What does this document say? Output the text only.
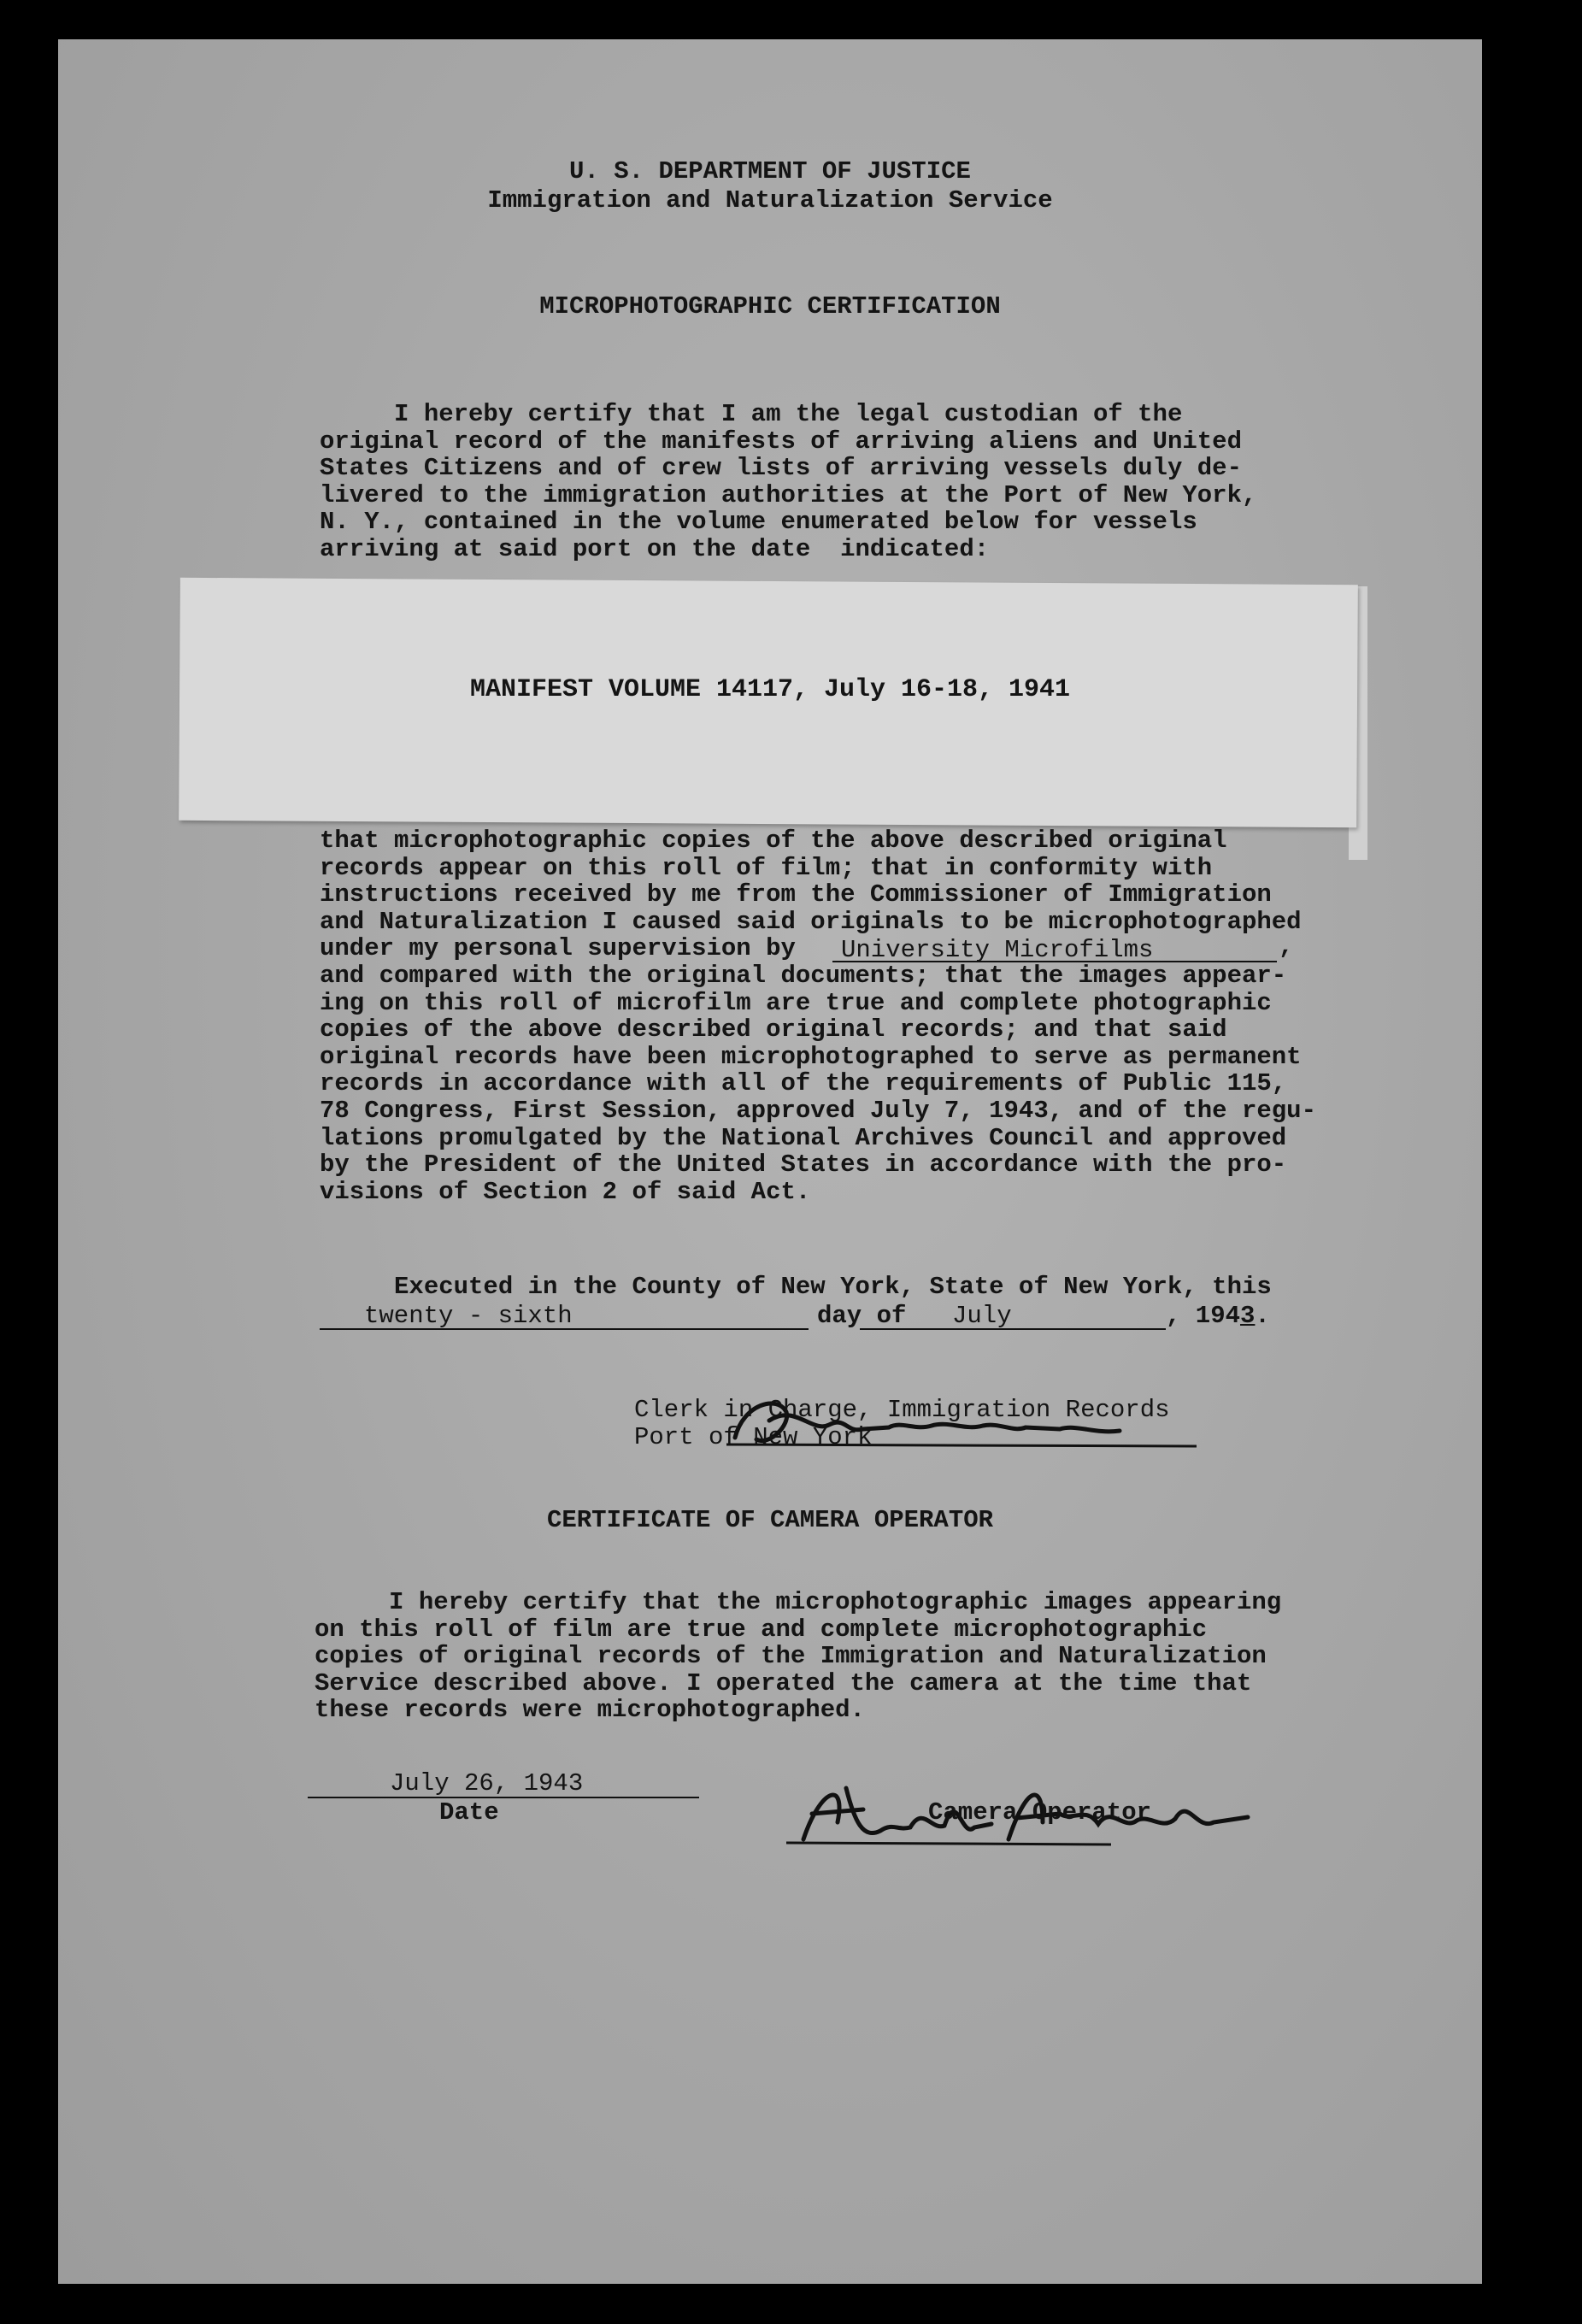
U. S. DEPARTMENT OF JUSTICE
Immigration and Naturalization Service
MICROPHOTOGRAPHIC CERTIFICATION
I hereby certify that I am the legal custodian of the
original record of the manifests of arriving aliens and United
States Citizens and of crew lists of arriving vessels duly de-
livered to the immigration authorities at the Port of New York,
N. Y., contained in the volume enumerated below for vessels
arriving at said port on the date  indicated:
MANIFEST VOLUME 14117, July 16-18, 1941
that microphotographic copies of the above described original
records appear on this roll of film; that in conformity with
instructions received by me from the Commissioner of Immigration
and Naturalization I caused said originals to be microphotographed
under my personal supervision by
and compared with the original documents; that the images appear-
ing on this roll of microfilm are true and complete photographic
copies of the above described original records; and that said
original records have been microphotographed to serve as permanent
records in accordance with all of the requirements of Public 115,
78 Congress, First Session, approved July 7, 1943, and of the regu-
lations promulgated by the National Archives Council and approved
by the President of the United States in accordance with the pro-
visions of Section 2 of said Act.
University Microfilms	,
Executed in the County of New York, State of New York, this
twenty - sixth	day of July	, 1943.

Clerk in Charge, Immigration Records
Port of New York
CERTIFICATE OF CAMERA OPERATOR
I hereby certify that the microphotographic images appearing
on this roll of film are true and complete microphotographic
copies of original records of the Immigration and Naturalization
Service described above. I operated the camera at the time that
these records were microphotographed.
July 26, 1943
Date

	Camera Operator
